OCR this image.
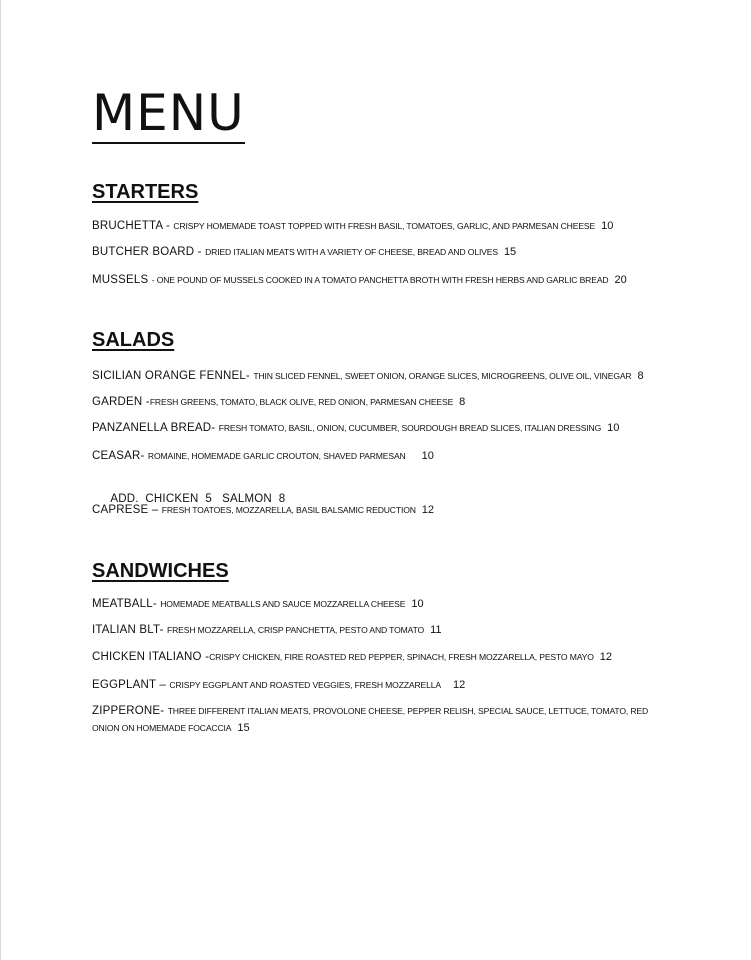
MENU
STARTERS
BRUCHETTA - CRISPY HOMEMADE TOAST TOPPED WITH FRESH BASIL, TOMATOES, GARLIC, AND PARMESAN CHEESE 10
BUTCHER BOARD - DRIED ITALIAN MEATS WITH A VARIETY OF CHEESE, BREAD AND OLIVES 15
MUSSELS - ONE POUND OF MUSSELS COOKED IN A TOMATO PANCHETTA BROTH WITH FRESH HERBS AND GARLIC BREAD 20
SALADS
SICILIAN ORANGE FENNEL- THIN SLICED FENNEL, SWEET ONION, ORANGE SLICES, MICROGREENS, OLIVE OIL, VINEGAR 8
GARDEN -FRESH GREENS, TOMATO, BLACK OLIVE, RED ONION, PARMESAN CHEESE 8
PANZANELLA BREAD- FRESH TOMATO, BASIL, ONION, CUCUMBER, SOURDOUGH BREAD SLICES, ITALIAN DRESSING 10
CEASAR- ROMAINE, HOMEMADE GARLIC CROUTON, SHAVED PARMESAN 10

ADD.  CHICKEN  5   SALMON  8

CAPRESE – FRESH TOATOES, MOZZARELLA, BASIL BALSAMIC REDUCTION 12
SANDWICHES
MEATBALL- HOMEMADE MEATBALLS AND SAUCE MOZZARELLA CHEESE 10
ITALIAN BLT- FRESH MOZZARELLA, CRISP PANCHETTA, PESTO AND TOMATO 11
CHICKEN ITALIANO -CRISPY CHICKEN, FIRE ROASTED RED PEPPER, SPINACH, FRESH MOZZARELLA, PESTO MAYO 12
EGGPLANT – CRISPY EGGPLANT AND ROASTED VEGGIES, FRESH MOZZARELLA 12
ZIPPERONE- THREE DIFFERENT ITALIAN MEATS, PROVOLONE CHEESE, PEPPER RELISH, SPECIAL SAUCE, LETTUCE, TOMATO, RED ONION ON HOMEMADE FOCACCIA 15
